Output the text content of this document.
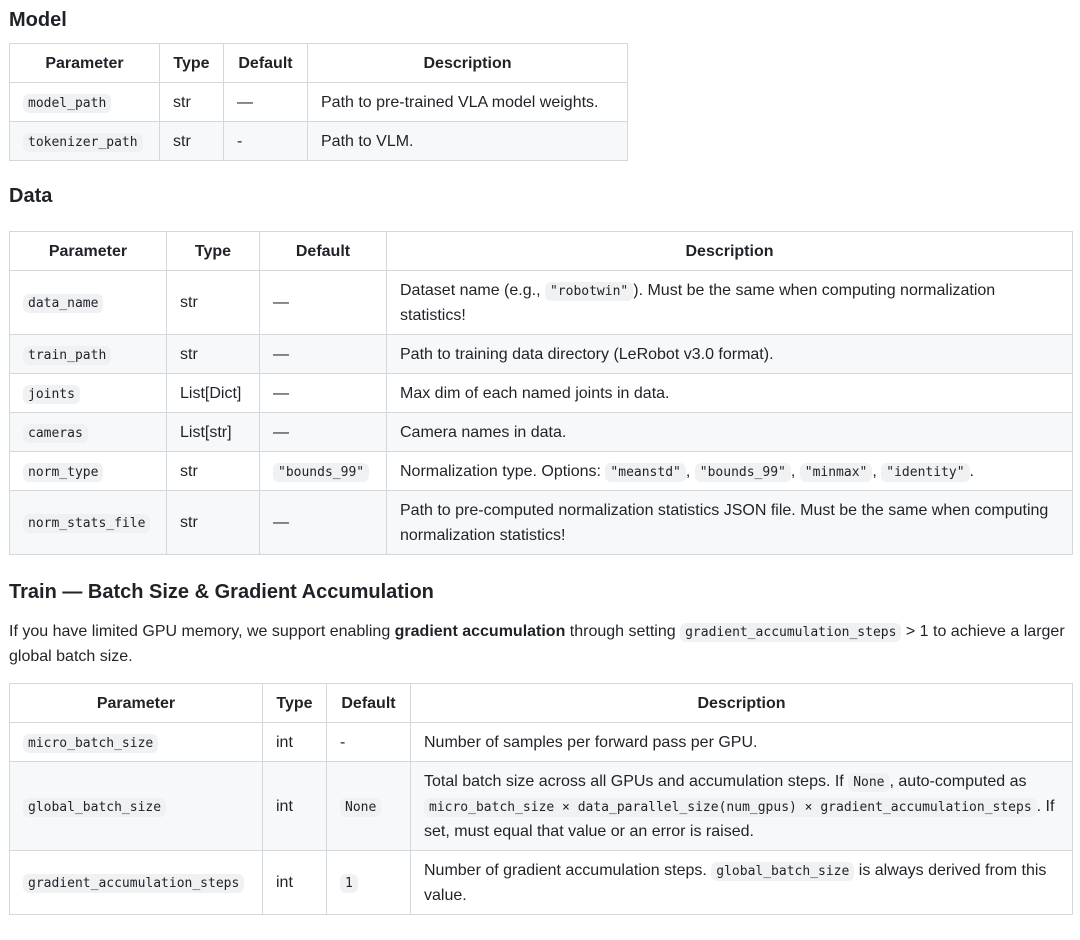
Model
Parameter	Type	Default	Description
model_path	str	—	Path to pre-trained VLA model weights.
tokenizer_path	str	-	Path to VLM.
Data
Parameter	Type	Default	Description
data_name	str	—	Dataset name (e.g., "robotwin" ). Must be the same when computing normalization statistics!
train_path	str	—	Path to training data directory (LeRobot v3.0 format).
joints	List[Dict]	—	Max dim of each named joints in data.
cameras	List[str]	—	Camera names in data.
norm_type	str	"bounds_99"	Normalization type. Options: "meanstd" , "bounds_99" , "minmax" , "identity" .
norm_stats_file	str	—	Path to pre-computed normalization statistics JSON file. Must be the same when computing normalization statistics!
Train — Batch Size & Gradient Accumulation

If you have limited GPU memory, we support enabling gradient accumulation through setting gradient_accumulation_steps > 1 to achieve a larger global batch size.

Parameter	Type	Default	Description
micro_batch_size	int	-	Number of samples per forward pass per GPU.
global_batch_size	int	None	Total batch size across all GPUs and accumulation steps. If None , auto-computed as micro_batch_size × data_parallel_size(num_gpus) × gradient_accumulation_steps . If set, must equal that value or an error is raised.
gradient_accumulation_steps	int	1	Number of gradient accumulation steps. global_batch_size is always derived from this value.
